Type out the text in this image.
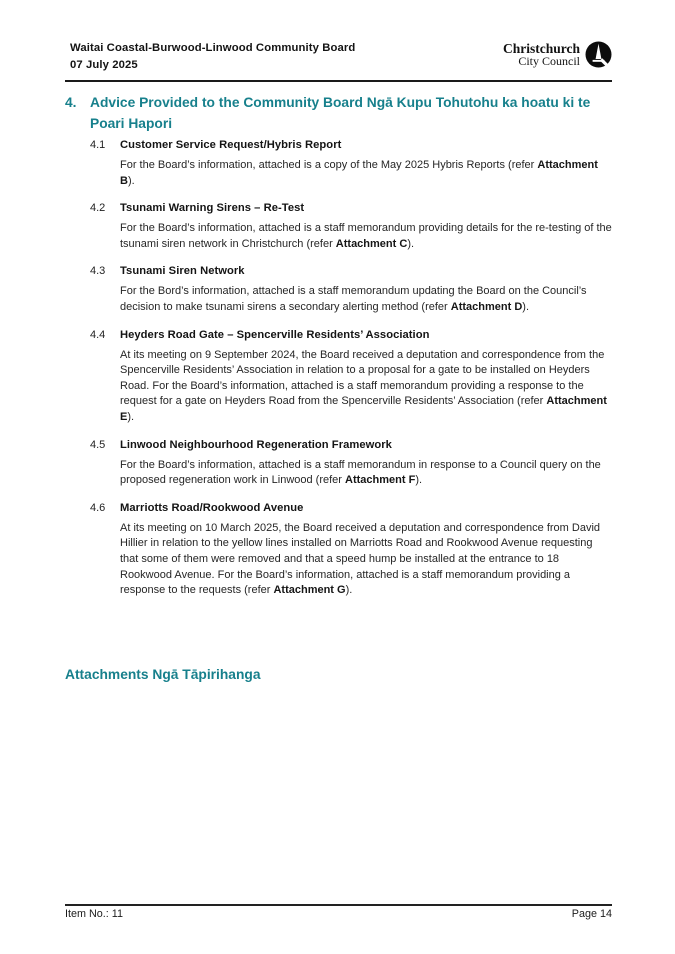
Waitai Coastal-Burwood-Linwood Community Board
07 July 2025
Christchurch
City Council
4. Advice Provided to the Community Board Ngā Kupu Tohutohu ka hoatu ki te Poari Hapori
4.1	Customer Service Request/Hybris Report

For the Board’s information, attached is a copy of the May 2025 Hybris Reports (refer Attachment B).

4.2	Tsunami Warning Sirens – Re-Test

For the Board’s information, attached is a staff memorandum providing details for the re-testing of the tsunami siren network in Christchurch (refer Attachment C).

4.3	Tsunami Siren Network

For the Bord’s information, attached is a staff memorandum updating the Board on the Council’s decision to make tsunami sirens a secondary alerting method (refer Attachment D).

4.4	Heyders Road Gate – Spencerville Residents’ Association

At its meeting on 9 September 2024, the Board received a deputation and correspondence from the Spencerville Residents’ Association in relation to a proposal for a gate to be installed on Heyders Road. For the Board’s information, attached is a staff memorandum providing a response to the request for a gate on Heyders Road from the Spencerville Residents’ Association (refer Attachment E).

4.5	Linwood Neighbourhood Regeneration Framework

For the Board’s information, attached is a staff memorandum in response to a Council query on the proposed regeneration work in Linwood (refer Attachment F).

4.6	Marriotts Road/Rookwood Avenue

At its meeting on 10 March 2025, the Board received a deputation and correspondence from David Hillier in relation to the yellow lines installed on Marriotts Road and Rookwood Avenue requesting that some of them were removed and that a speed hump be installed at the entrance to 18 Rookwood Avenue. For the Board’s information, attached is a staff memorandum providing a response to the requests (refer Attachment G).

Attachments Ngā Tāpirihanga
Item No.: 11	Page 14
